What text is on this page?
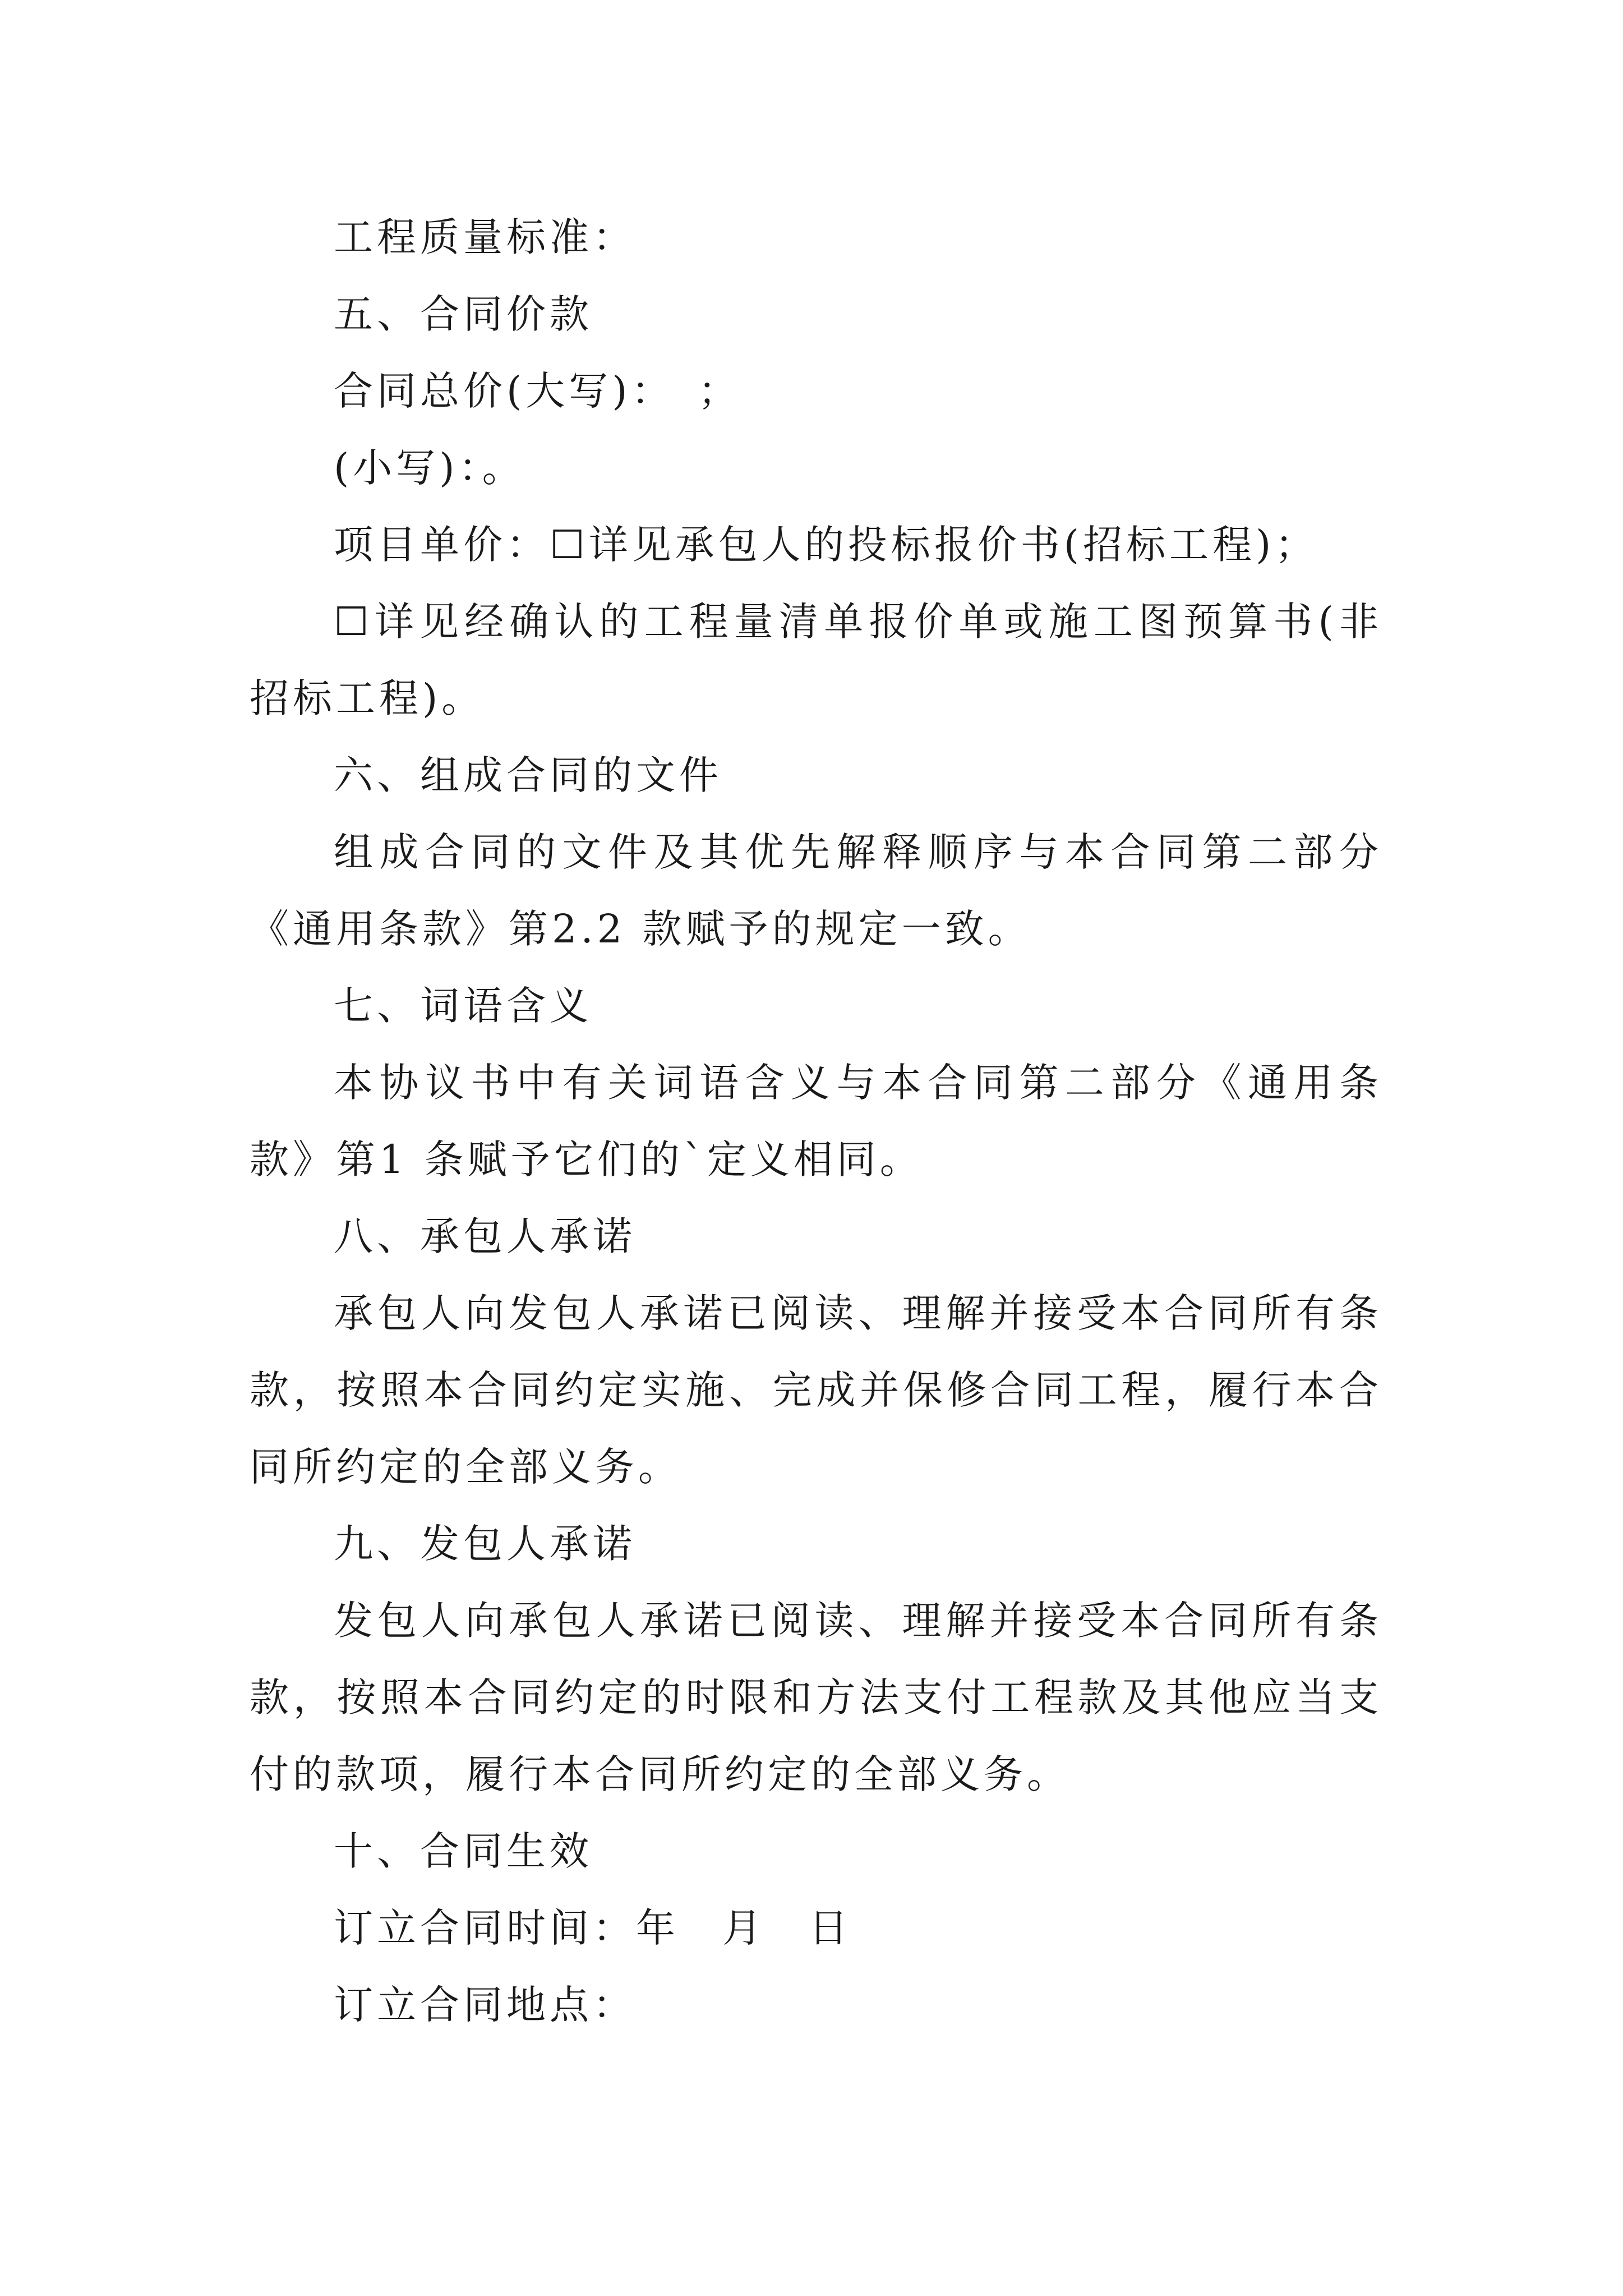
工程质量标准：

五、合同价款

合同总价(大写)：　；

(小写)：。

项目单价：☐详见承包人的投标报价书(招标工程)；

☐详见经确认的工程量清单报价单或施工图预算书(非招标工程)。

六、组成合同的文件

组成合同的文件及其优先解释顺序与本合同第二部分《通用条款》第2.2 款赋予的规定一致。

七、词语含义

本协议书中有关词语含义与本合同第二部分《通用条款》第1 条赋予它们的`定义相同。

八、承包人承诺

承包人向发包人承诺已阅读、理解并接受本合同所有条款，按照本合同约定实施、完成并保修合同工程，履行本合同所约定的全部义务。

九、发包人承诺

发包人向承包人承诺已阅读、理解并接受本合同所有条款，按照本合同约定的时限和方法支付工程款及其他应当支付的款项，履行本合同所约定的全部义务。

十、合同生效

订立合同时间：年　月　日

订立合同地点：
